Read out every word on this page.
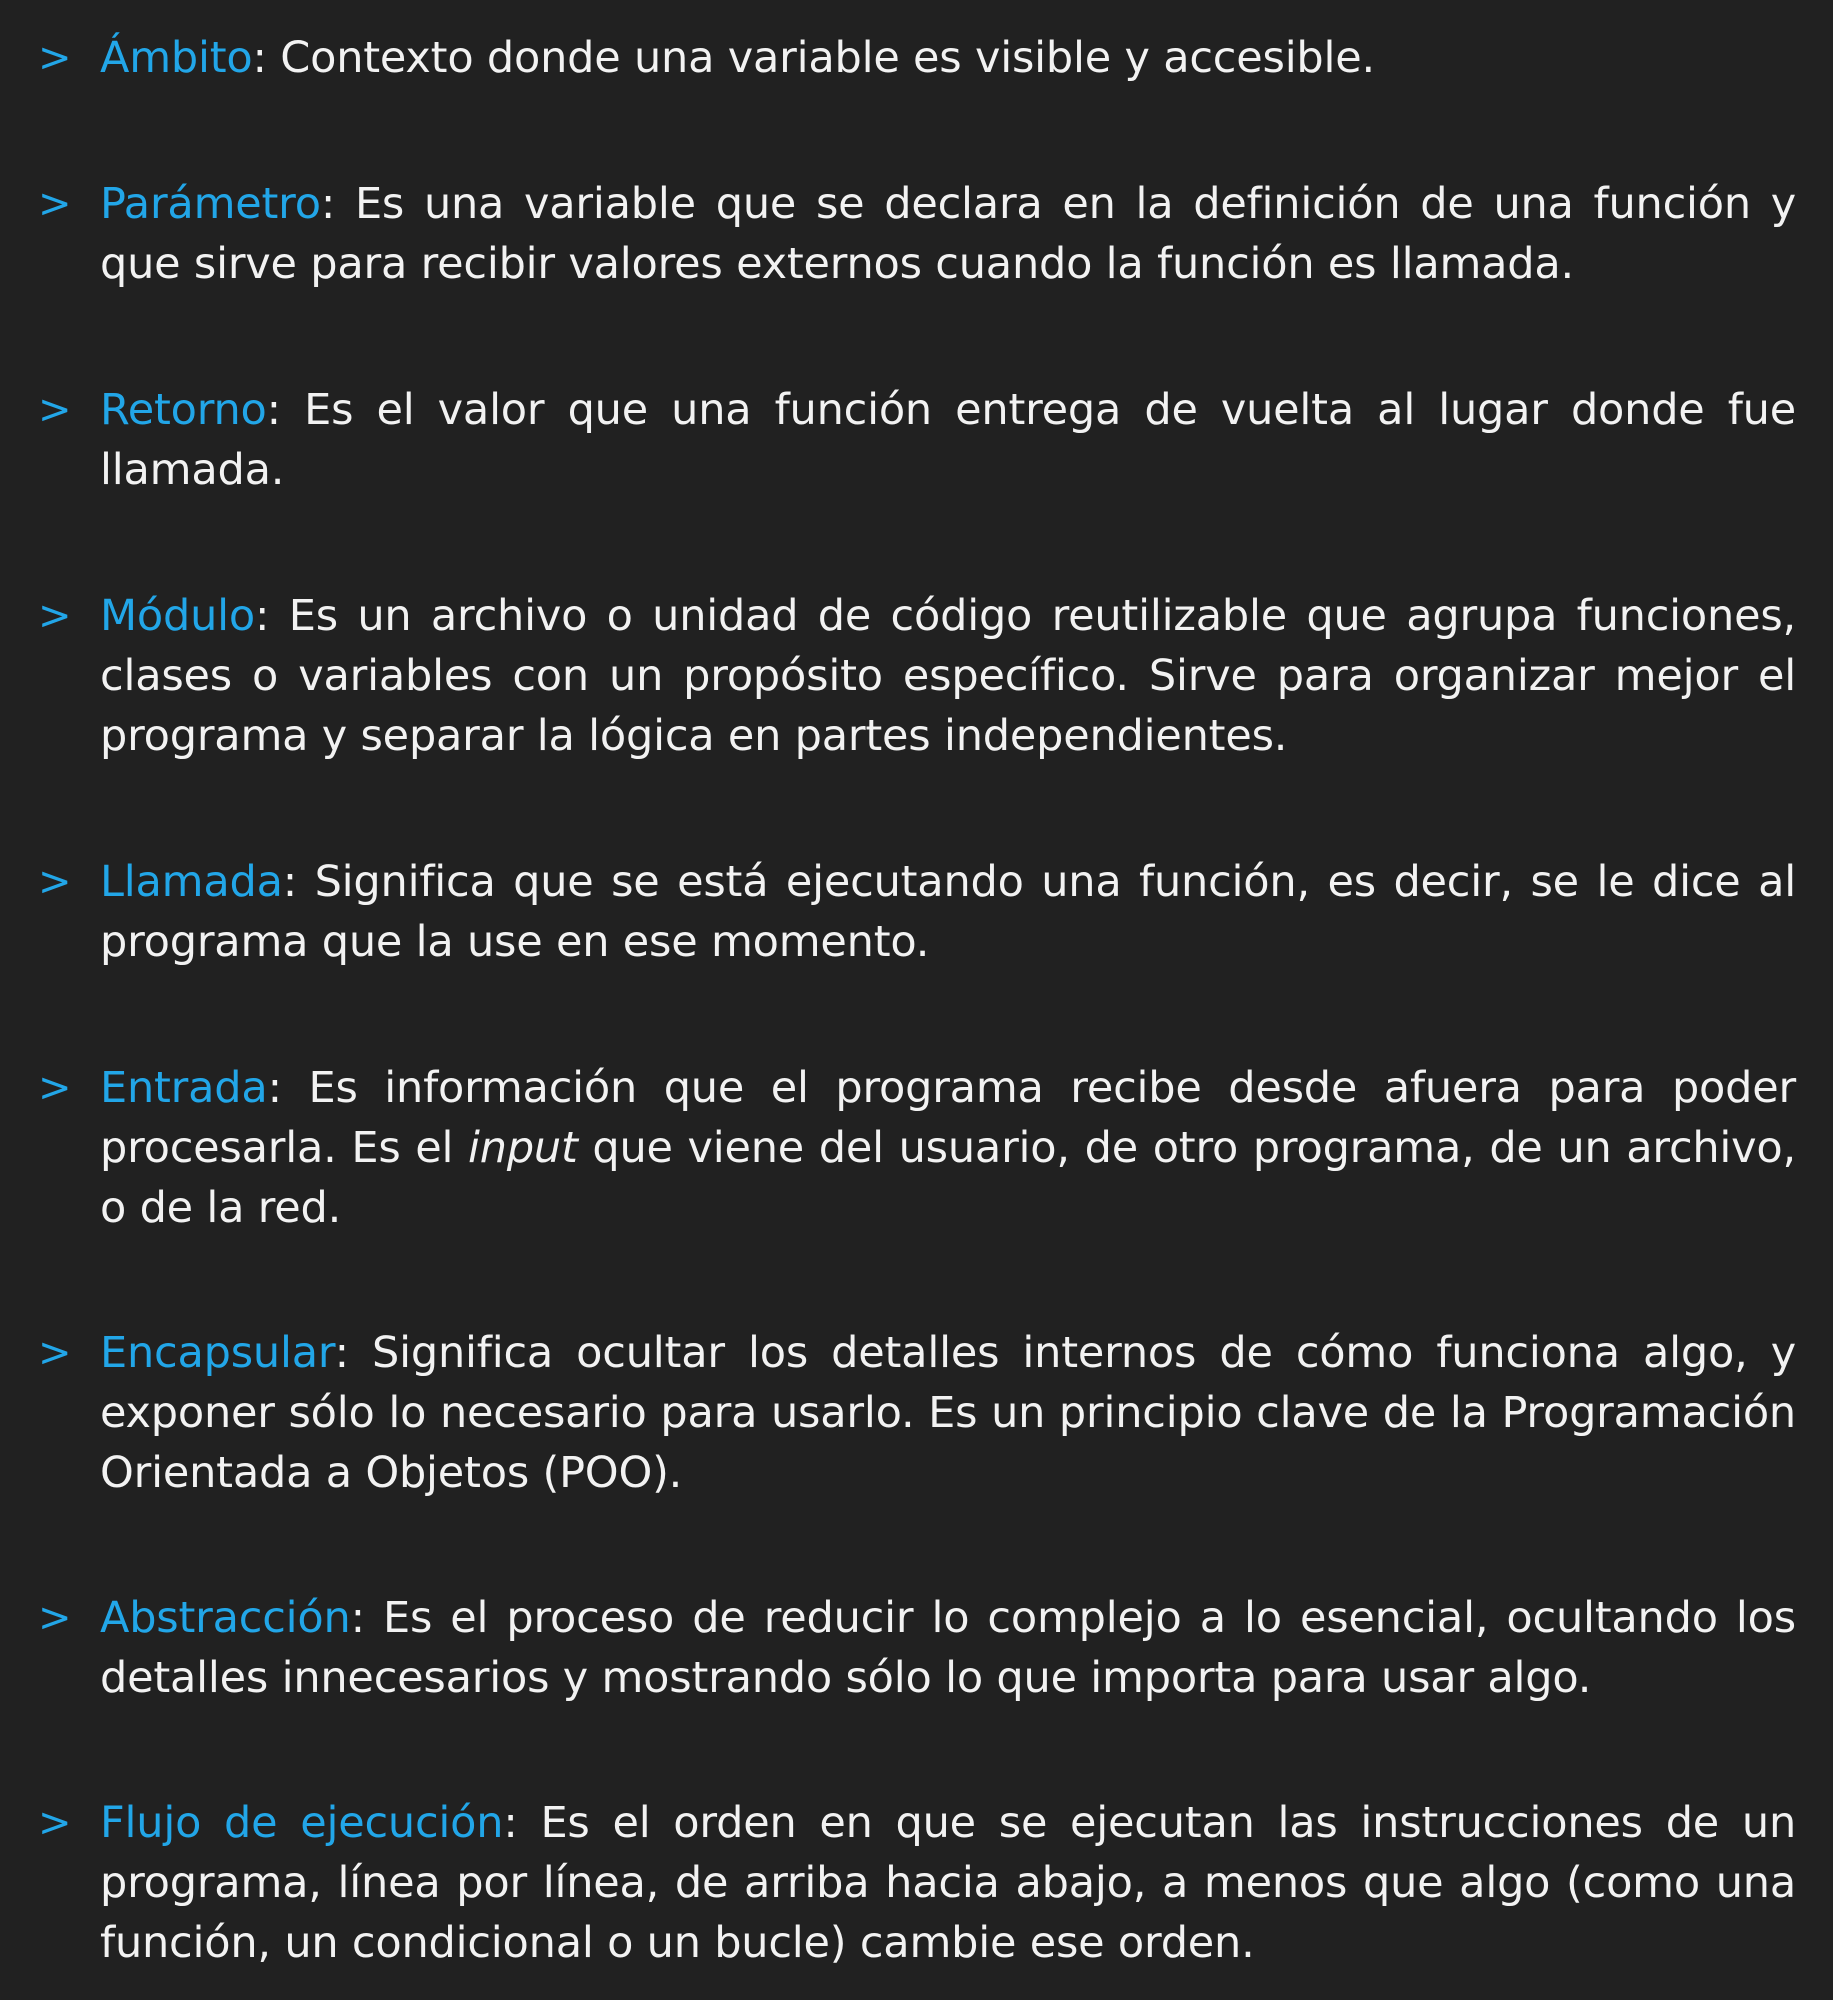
> Ámbito: Contexto donde una variable es visible y accesible.

> Parámetro: Es una variable que se declara en la definición de una función y que sirve para recibir valores externos cuando la función es llamada.

> Retorno: Es el valor que una función entrega de vuelta al lugar donde fue llamada.

> Módulo: Es un archivo o unidad de código reutilizable que agrupa funciones, clases o variables con un propósito específico. Sirve para organizar mejor el programa y separar la lógica en partes independientes.

> Llamada: Significa que se está ejecutando una función, es decir, se le dice al programa que la use en ese momento.

> Entrada: Es información que el programa recibe desde afuera para poder procesarla. Es el input que viene del usuario, de otro programa, de un archivo, o de la red.

> Encapsular: Significa ocultar los detalles internos de cómo funciona algo, y exponer sólo lo necesario para usarlo. Es un principio clave de la Programación Orientada a Objetos (POO).

> Abstracción: Es el proceso de reducir lo complejo a lo esencial, ocultando los detalles innecesarios y mostrando sólo lo que importa para usar algo.

> Flujo de ejecución: Es el orden en que se ejecutan las instrucciones de un programa, línea por línea, de arriba hacia abajo, a menos que algo (como una función, un condicional o un bucle) cambie ese orden.
